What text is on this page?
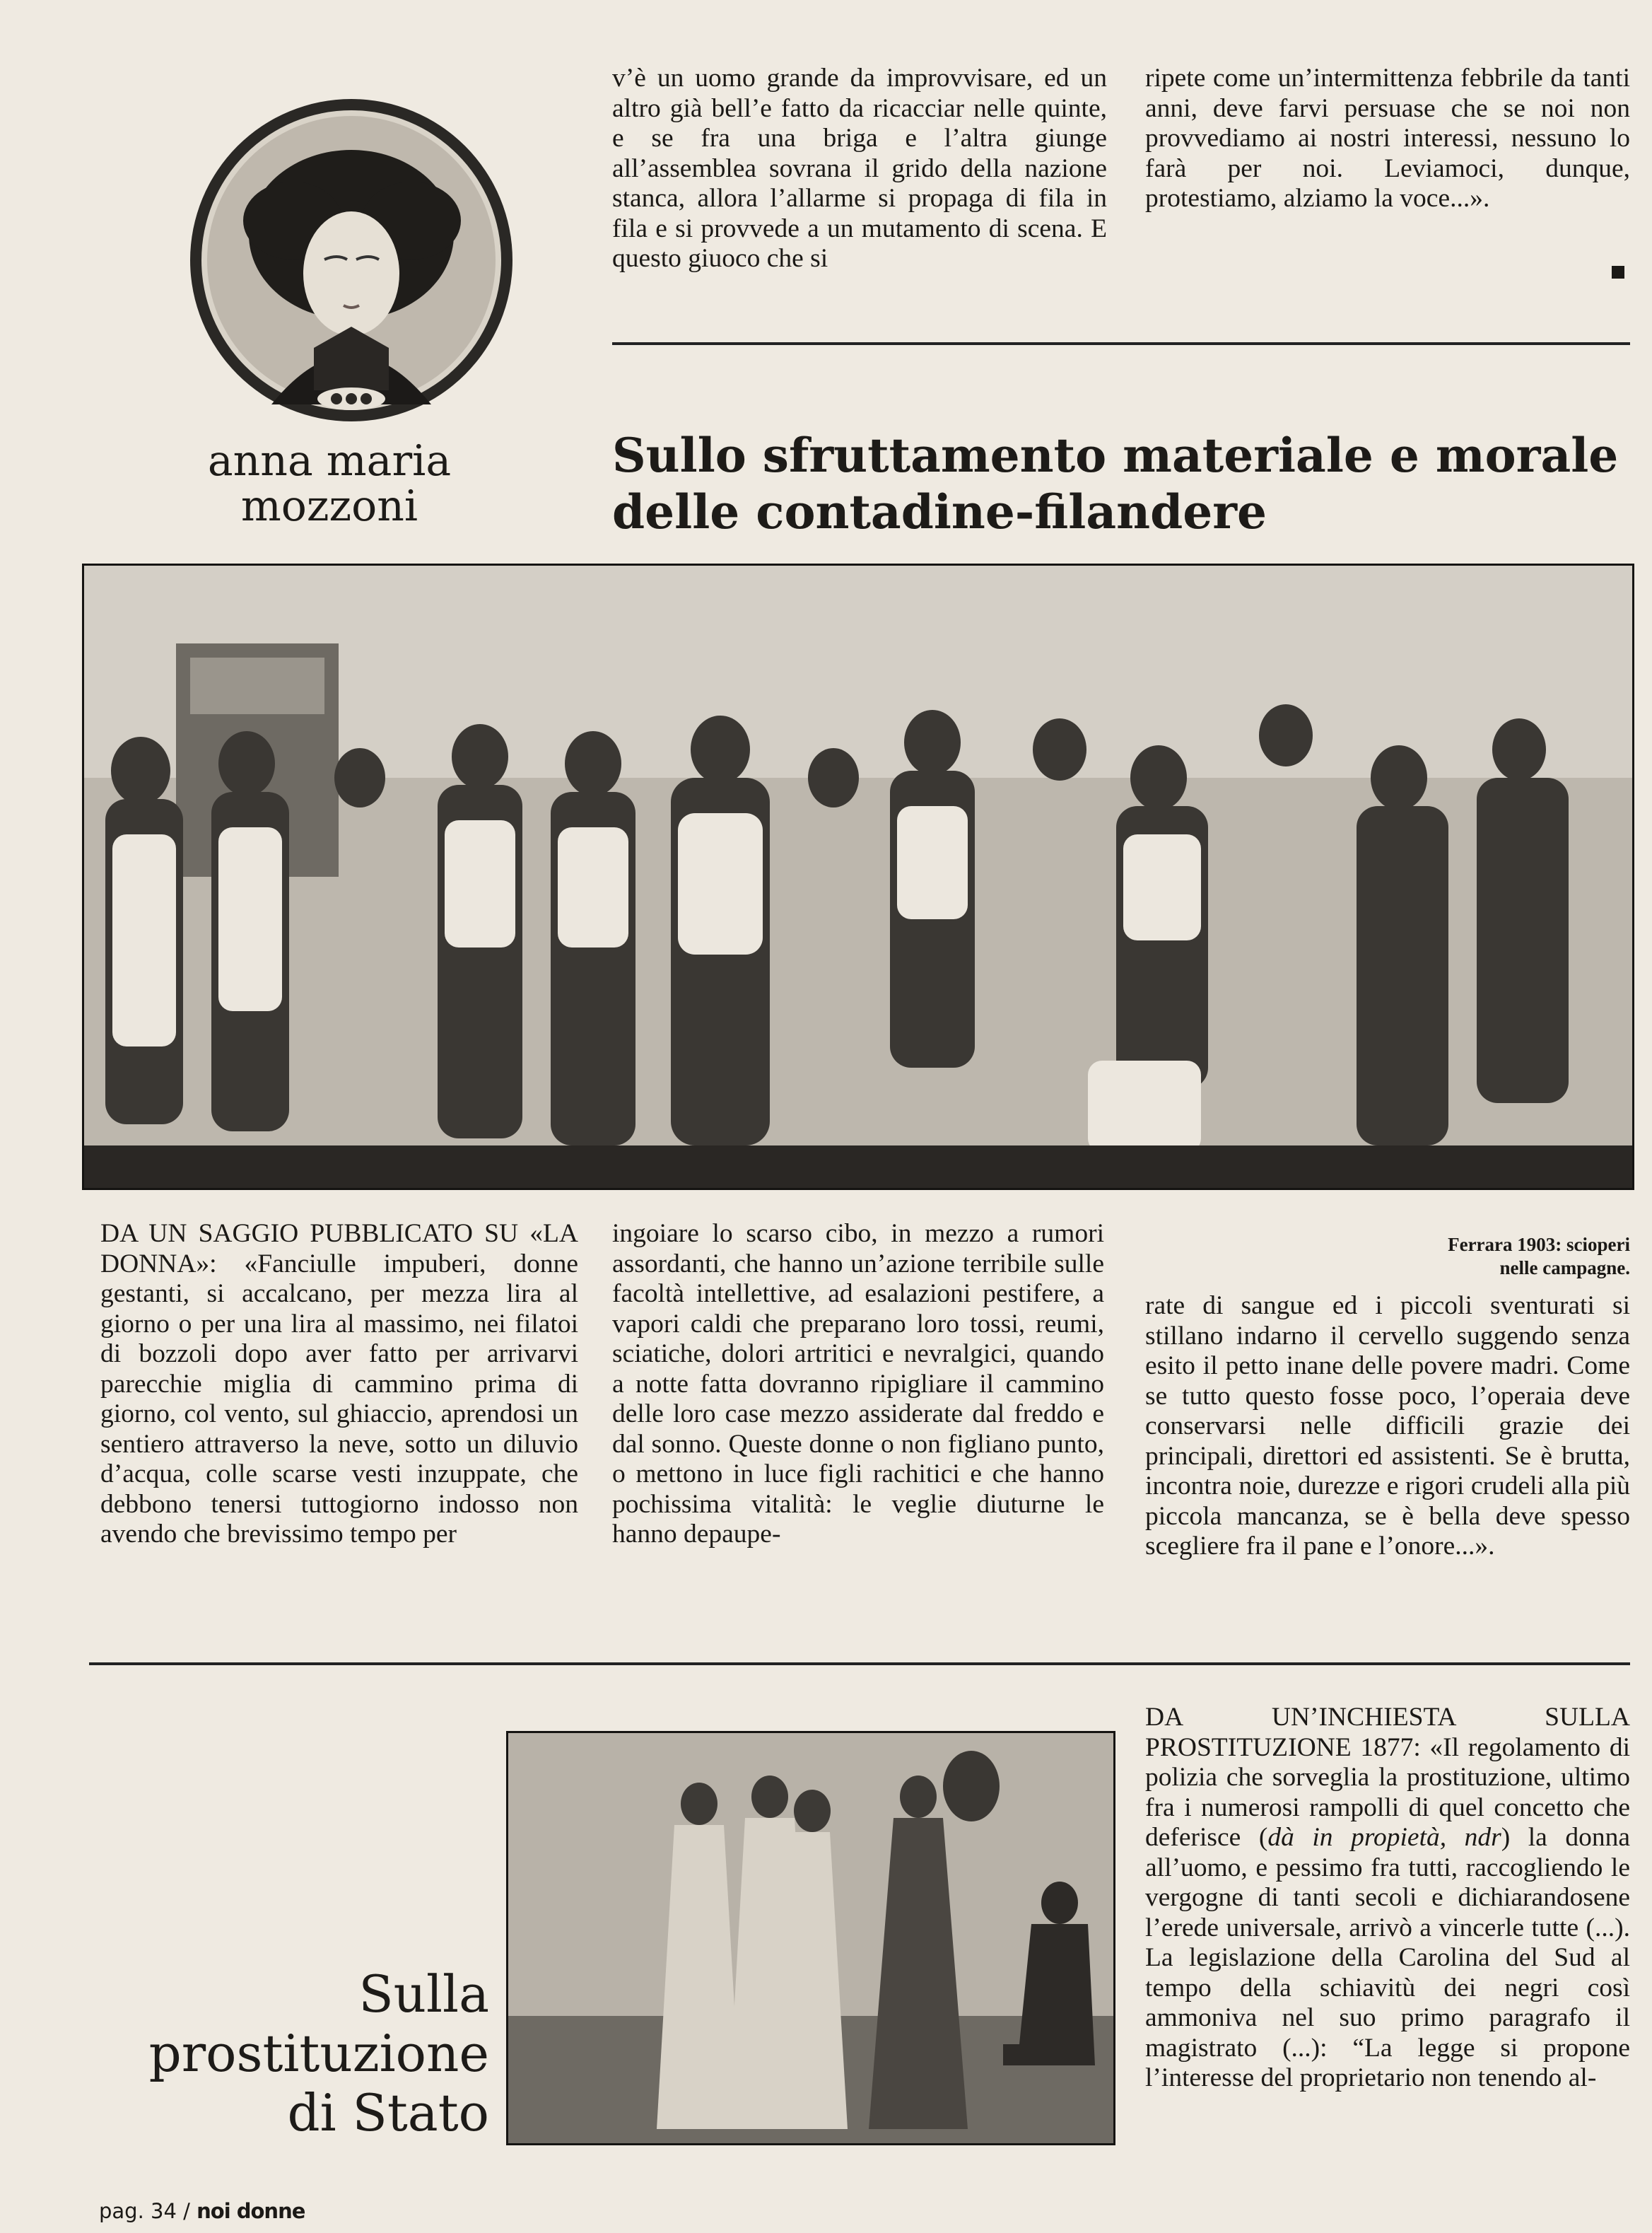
anna maria
mozzoni

v’è un uomo grande da improvvisare, ed un altro già bell’e fatto da ricacciar nelle quinte, e se fra una briga e l’altra giunge all’assemblea sovrana il grido della nazione stanca, allora l’allarme si propaga di fila in fila e si provvede a un mutamento di scena. E questo giuoco che si

ripete come un’intermittenza febbrile da tanti anni, deve farvi persuase che se noi non provvediamo ai nostri interessi, nessuno lo farà per noi. Leviamoci, dunque, protestiamo, alziamo la voce...».

Sullo sfruttamento materiale e morale
delle contadine-filandere

DA UN SAGGIO PUBBLICATO SU «LA DONNA»: «Fanciulle impuberi, donne gestanti, si accalcano, per mezza lira al giorno o per una lira al massimo, nei filatoi di bozzoli dopo aver fatto per arrivarvi parecchie miglia di cammino prima di giorno, col vento, sul ghiaccio, aprendosi un sentiero attraverso la neve, sotto un diluvio d’acqua, colle scarse vesti inzuppate, che debbono tenersi tuttogiorno indosso non avendo che brevissimo tempo per

ingoiare lo scarso cibo, in mezzo a rumori assordanti, che hanno un’azione terribile sulle facoltà intellettive, ad esalazioni pestifere, a vapori caldi che preparano loro tossi, reumi, sciatiche, dolori artritici e nevralgici, quando a notte fatta dovranno ripigliare il cammino delle loro case mezzo assiderate dal freddo e dal sonno. Queste donne o non figliano punto, o mettono in luce figli rachitici e che hanno pochissima vitalità: le veglie diuturne le hanno depaupe-

Ferrara 1903: scioperi
nelle campagne.

rate di sangue ed i piccoli sventurati si stillano indarno il cervello suggendo senza esito il petto inane delle povere madri. Come se tutto questo fosse poco, l’operaia deve conservarsi nelle difficili grazie dei principali, direttori ed assistenti. Se è brutta, incontra noie, durezze e rigori crudeli alla più piccola mancanza, se è bella deve spesso scegliere fra il pane e l’onore...».

Sulla
prostituzione
di Stato

DA UN’INCHIESTA SULLA PROSTITUZIONE 1877: «Il regolamento di polizia che sorveglia la prostituzione, ultimo fra i numerosi rampolli di quel concetto che deferisce (dà in propietà, ndr) la donna all’uomo, e pessimo fra tutti, raccogliendo le vergogne di tanti secoli e dichiarandosene l’erede universale, arrivò a vincerle tutte (...). La legislazione della Carolina del Sud al tempo della schiavitù dei negri così ammoniva nel suo primo paragrafo il magistrato (...): “La legge si propone l’interesse del proprietario non tenendo al-

pag. 34 / noi donne
